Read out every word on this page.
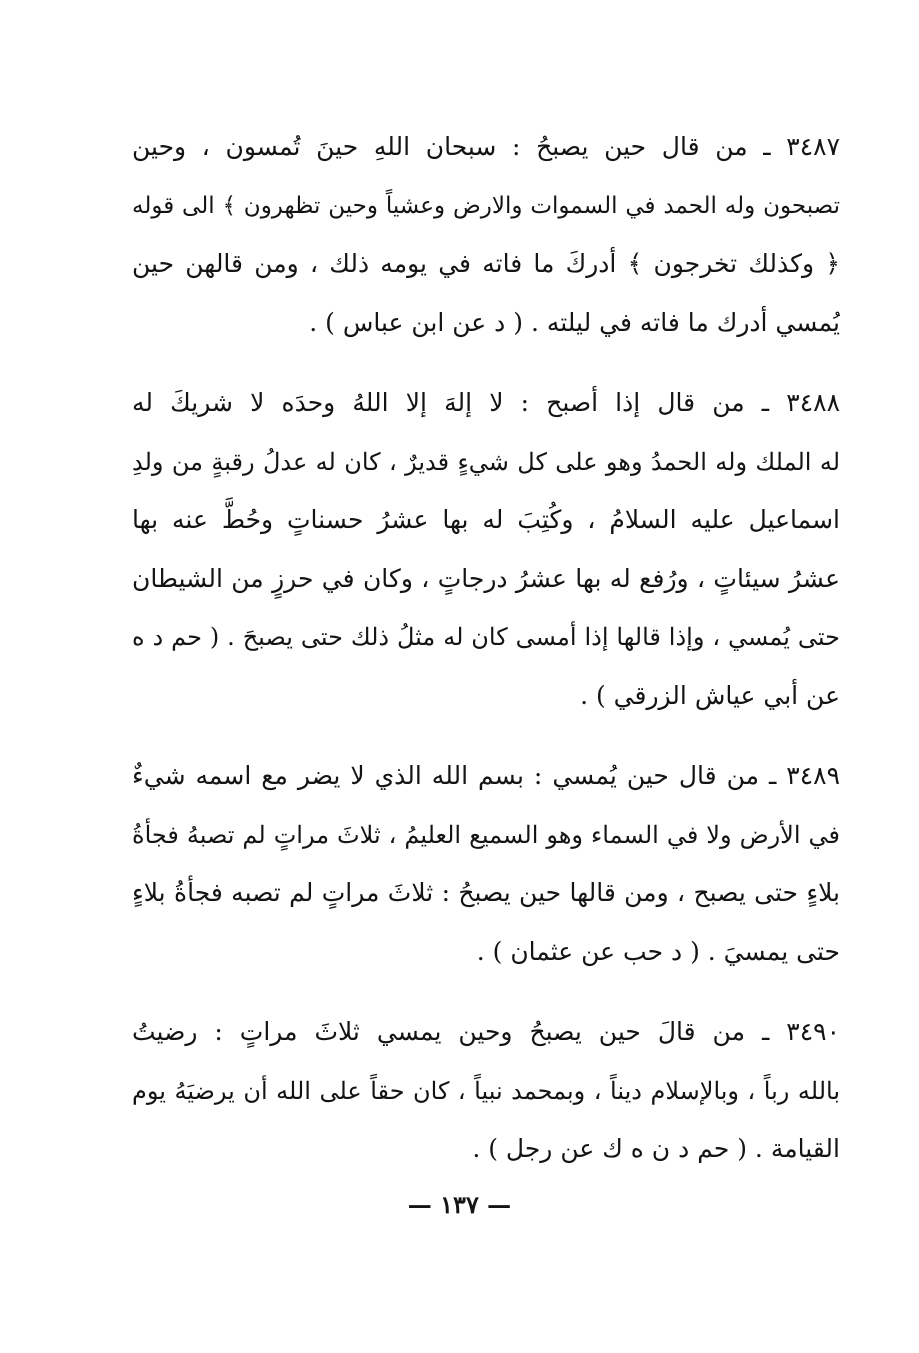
٣٤٨٧ ـ من قال حين يصبحُ : سبحان اللهِ حينَ تُمسون ، وحين
تصبحون وله الحمد في السموات والارض وعشياً وحين تظهرون ﴾ الى قوله
﴿ وكذلك تخرجون ﴾ أدركَ ما فاته في يومه ذلك ، ومن قالهن حين
يُمسي أدرك ما فاته في ليلته . ( د عن ابن عباس ) .
٣٤٨٨ ـ من قال إذا أصبح : لا إلهَ إلا اللهُ وحدَه لا شريكَ له
له الملك وله الحمدُ وهو على كل شيءٍ قديرٌ ، كان له عدلُ رقبةٍ من ولدِ
اسماعيل عليه السلامُ ، وكُتِبَ له بها عشرُ حسناتٍ وحُطَّ عنه بها
عشرُ سيئاتٍ ، ورُفع له بها عشرُ درجاتٍ ، وكان في حرزٍ من الشيطان
حتى يُمسي ، وإذا قالها إذا أمسى كان له مثلُ ذلك حتى يصبحَ . ( حم د ه
عن أبي عياش الزرقي ) .
٣٤٨٩ ـ من قال حين يُمسي : بسم الله الذي لا يضر مع اسمه شيءٌ
في الأرض ولا في السماء وهو السميع العليمُ ، ثلاثَ مراتٍ لم تصبهُ فجأةُ
بلاءٍ حتى يصبح ، ومن قالها حين يصبحُ : ثلاثَ مراتٍ لم تصبه فجأةُ بلاءٍ
حتى يمسيَ . ( د حب عن عثمان ) .
٣٤٩٠ ـ من قالَ حين يصبحُ وحين يمسي ثلاثَ مراتٍ : رضيتُ
بالله رباً ، وبالإسلام ديناً ، وبمحمد نبياً ، كان حقاً على الله أن يرضيَهُ يوم
القيامة . ( حم د ن ه ك عن رجل ) .
— ١٣٧ —
